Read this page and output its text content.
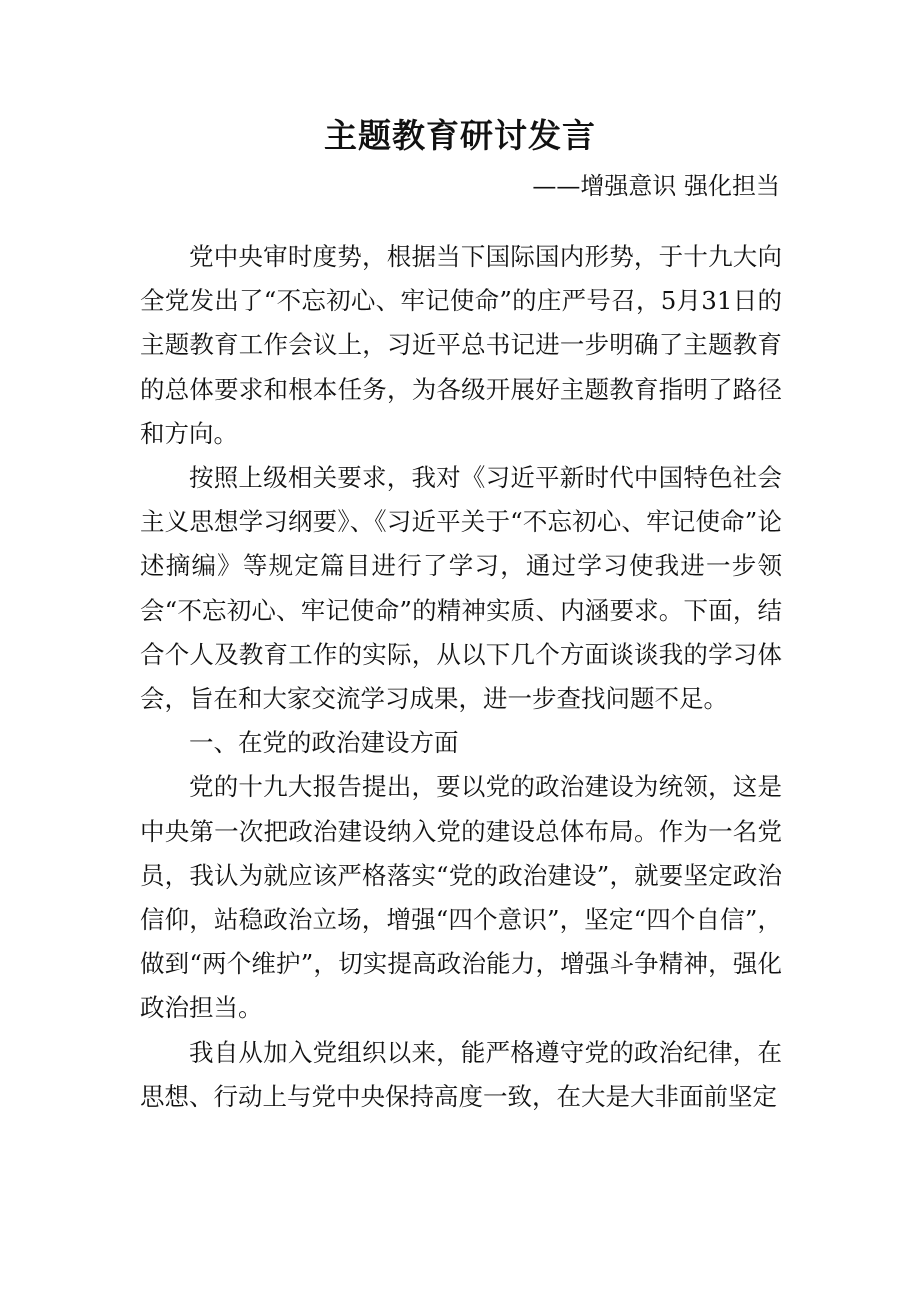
主题教育研讨发言
——增强意识 强化担当

党中央审时度势，根据当下国际国内形势，于十九大向全党发出了“不忘初心、牢记使命”的庄严号召，5月31日的主题教育工作会议上，习近平总书记进一步明确了主题教育的总体要求和根本任务，为各级开展好主题教育指明了路径和方向。

按照上级相关要求，我对《习近平新时代中国特色社会主义思想学习纲要》、《习近平关于“不忘初心、牢记使命”论述摘编》等规定篇目进行了学习，通过学习使我进一步领会“不忘初心、牢记使命”的精神实质、内涵要求。下面，结合个人及教育工作的实际，从以下几个方面谈谈我的学习体会，旨在和大家交流学习成果，进一步查找问题不足。

一、在党的政治建设方面

党的十九大报告提出，要以党的政治建设为统领，这是中央第一次把政治建设纳入党的建设总体布局。作为一名党员，我认为就应该严格落实“党的政治建设”，就要坚定政治信仰，站稳政治立场，增强“四个意识”，坚定“四个自信”，做到“两个维护”，切实提高政治能力，增强斗争精神，强化政治担当。

我自从加入党组织以来，能严格遵守党的政治纪律，在思想、行动上与党中央保持高度一致，在大是大非面前坚定
